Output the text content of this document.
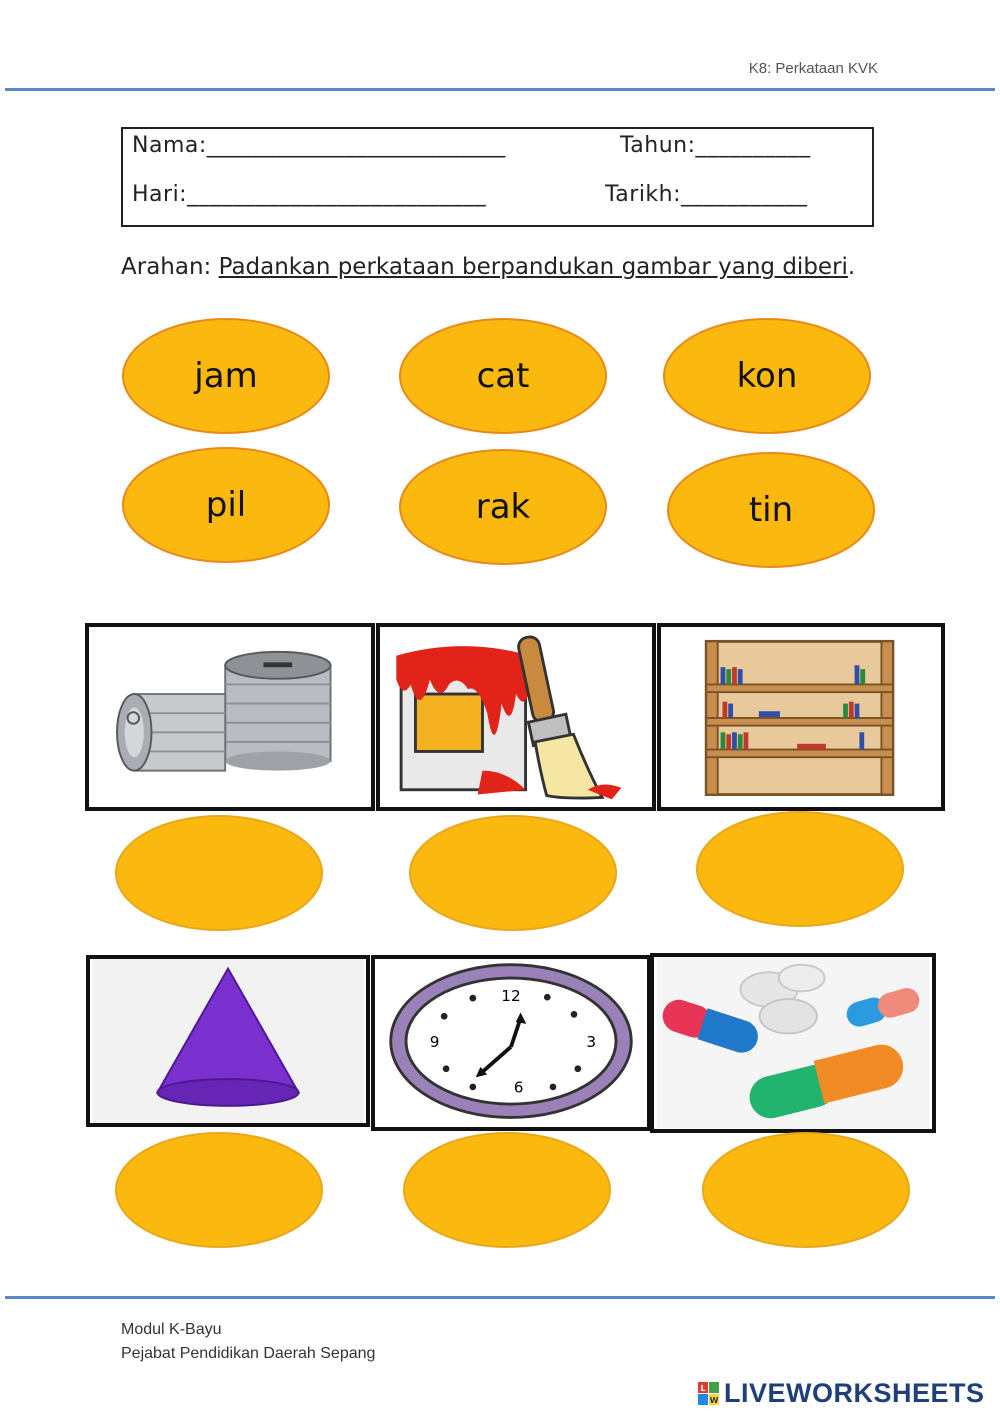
K8: Perkataan KVK
Nama:__________________________	Tahun:__________
Hari:__________________________	Tarikh:___________
Arahan: Padankan perkataan berpandukan gambar yang diberi.
jam	cat	kon
pil	rak	tin
12
3
6
9
Modul K-Bayu
Pejabat Pendidikan Daerah Sepang
L
W LIVEWORKSHEETS
